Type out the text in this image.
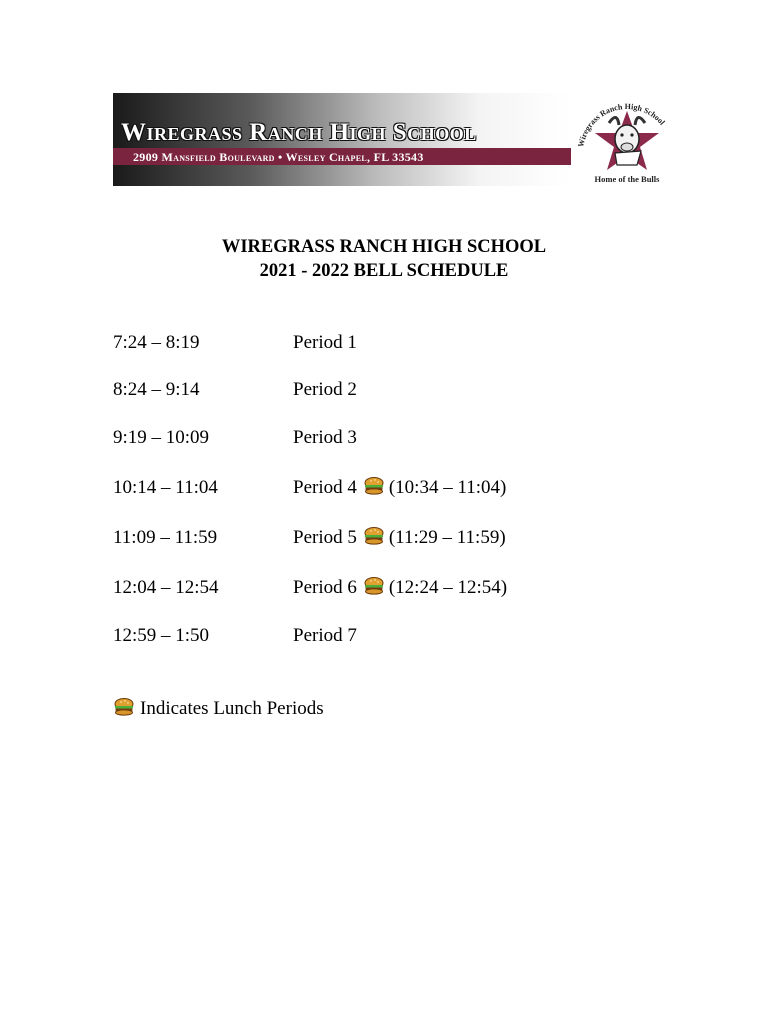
Wiregrass Ranch High School
2909 Mansfield Boulevard • Wesley Chapel, FL 33543
Wiregrass Ranch High School
Home of the Bulls
WIREGRASS RANCH HIGH SCHOOL
2021 - 2022 BELL SCHEDULE
7:24 – 8:19	Period 1
8:24 – 9:14	Period 2
9:19 – 10:09	Period 3
10:14 – 11:04	Period 4 (10:34 – 11:04)
11:09 – 11:59	Period 5 (11:29 – 11:59)
12:04 – 12:54	Period 6 (12:24 – 12:54)
12:59 – 1:50	Period 7
Indicates Lunch Periods
